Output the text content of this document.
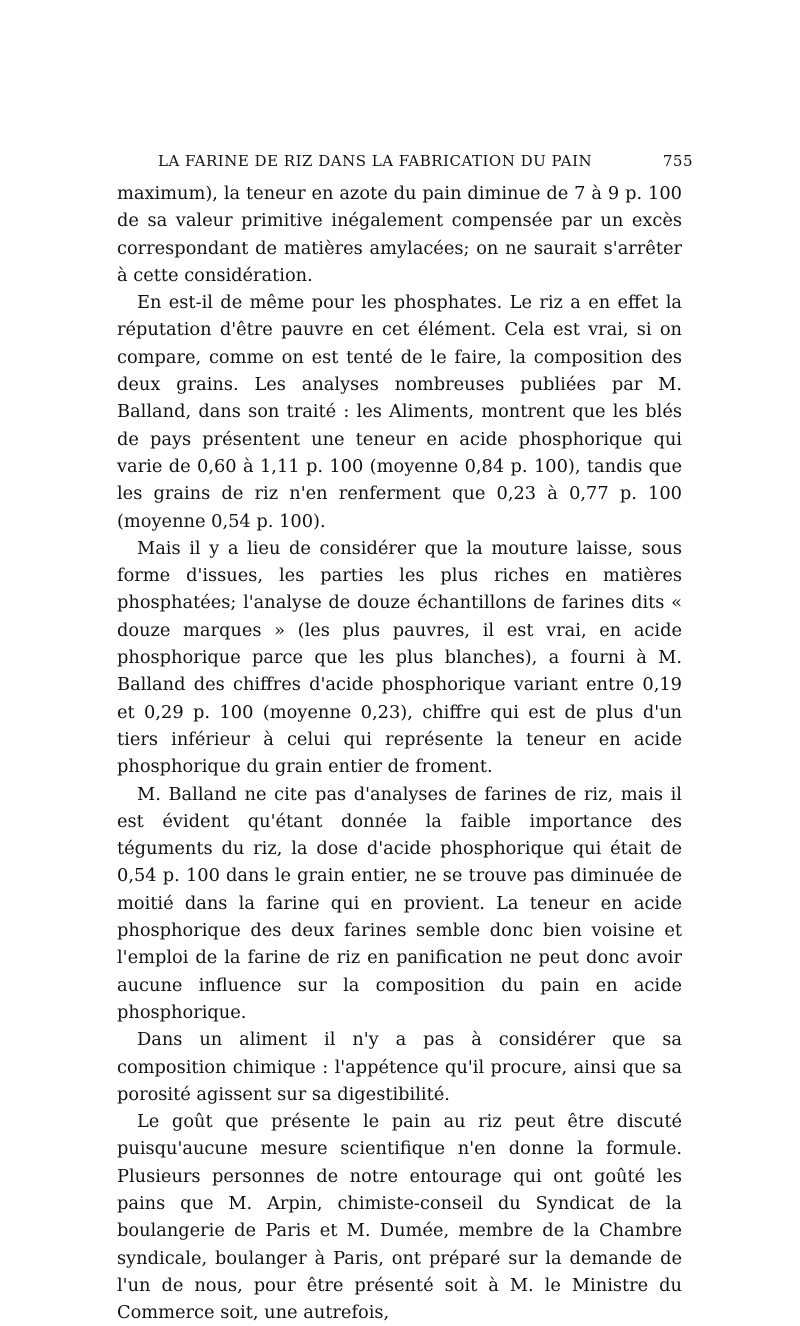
LA FARINE DE RIZ DANS LA FABRICATION DU PAIN	755

maximum), la teneur en azote du pain diminue de 7 à 9 p. 100 de sa valeur primitive inégalement compensée par un excès correspondant de matières amylacées; on ne saurait s'arrêter à cette considération.

En est-il de même pour les phosphates. Le riz a en effet la réputation d'être pauvre en cet élément. Cela est vrai, si on compare, comme on est tenté de le faire, la composition des deux grains. Les analyses nombreuses publiées par M. Balland, dans son traité : les Aliments, montrent que les blés de pays présentent une teneur en acide phosphorique qui varie de 0,60 à 1,11 p. 100 (moyenne 0,84 p. 100), tandis que les grains de riz n'en renferment que 0,23 à 0,77 p. 100 (moyenne 0,54 p. 100).

Mais il y a lieu de considérer que la mouture laisse, sous forme d'issues, les parties les plus riches en matières phosphatées; l'analyse de douze échantillons de farines dits « douze marques » (les plus pauvres, il est vrai, en acide phosphorique parce que les plus blanches), a fourni à M. Balland des chiffres d'acide phosphorique variant entre 0,19 et 0,29 p. 100 (moyenne 0,23), chiffre qui est de plus d'un tiers inférieur à celui qui représente la teneur en acide phosphorique du grain entier de froment.

M. Balland ne cite pas d'analyses de farines de riz, mais il est évident qu'étant donnée la faible importance des téguments du riz, la dose d'acide phosphorique qui était de 0,54 p. 100 dans le grain entier, ne se trouve pas diminuée de moitié dans la farine qui en provient. La teneur en acide phosphorique des deux farines semble donc bien voisine et l'emploi de la farine de riz en panification ne peut donc avoir aucune influence sur la composition du pain en acide phosphorique.

Dans un aliment il n'y a pas à considérer que sa composition chimique : l'appétence qu'il procure, ainsi que sa porosité agissent sur sa digestibilité.

Le goût que présente le pain au riz peut être discuté puisqu'aucune mesure scientifique n'en donne la formule. Plusieurs personnes de notre entourage qui ont goûté les pains que M. Arpin, chimiste-conseil du Syndicat de la boulangerie de Paris et M. Dumée, membre de la Chambre syndicale, boulanger à Paris, ont préparé sur la demande de l'un de nous, pour être présenté soit à M. le Ministre du Commerce soit, une autrefois,
